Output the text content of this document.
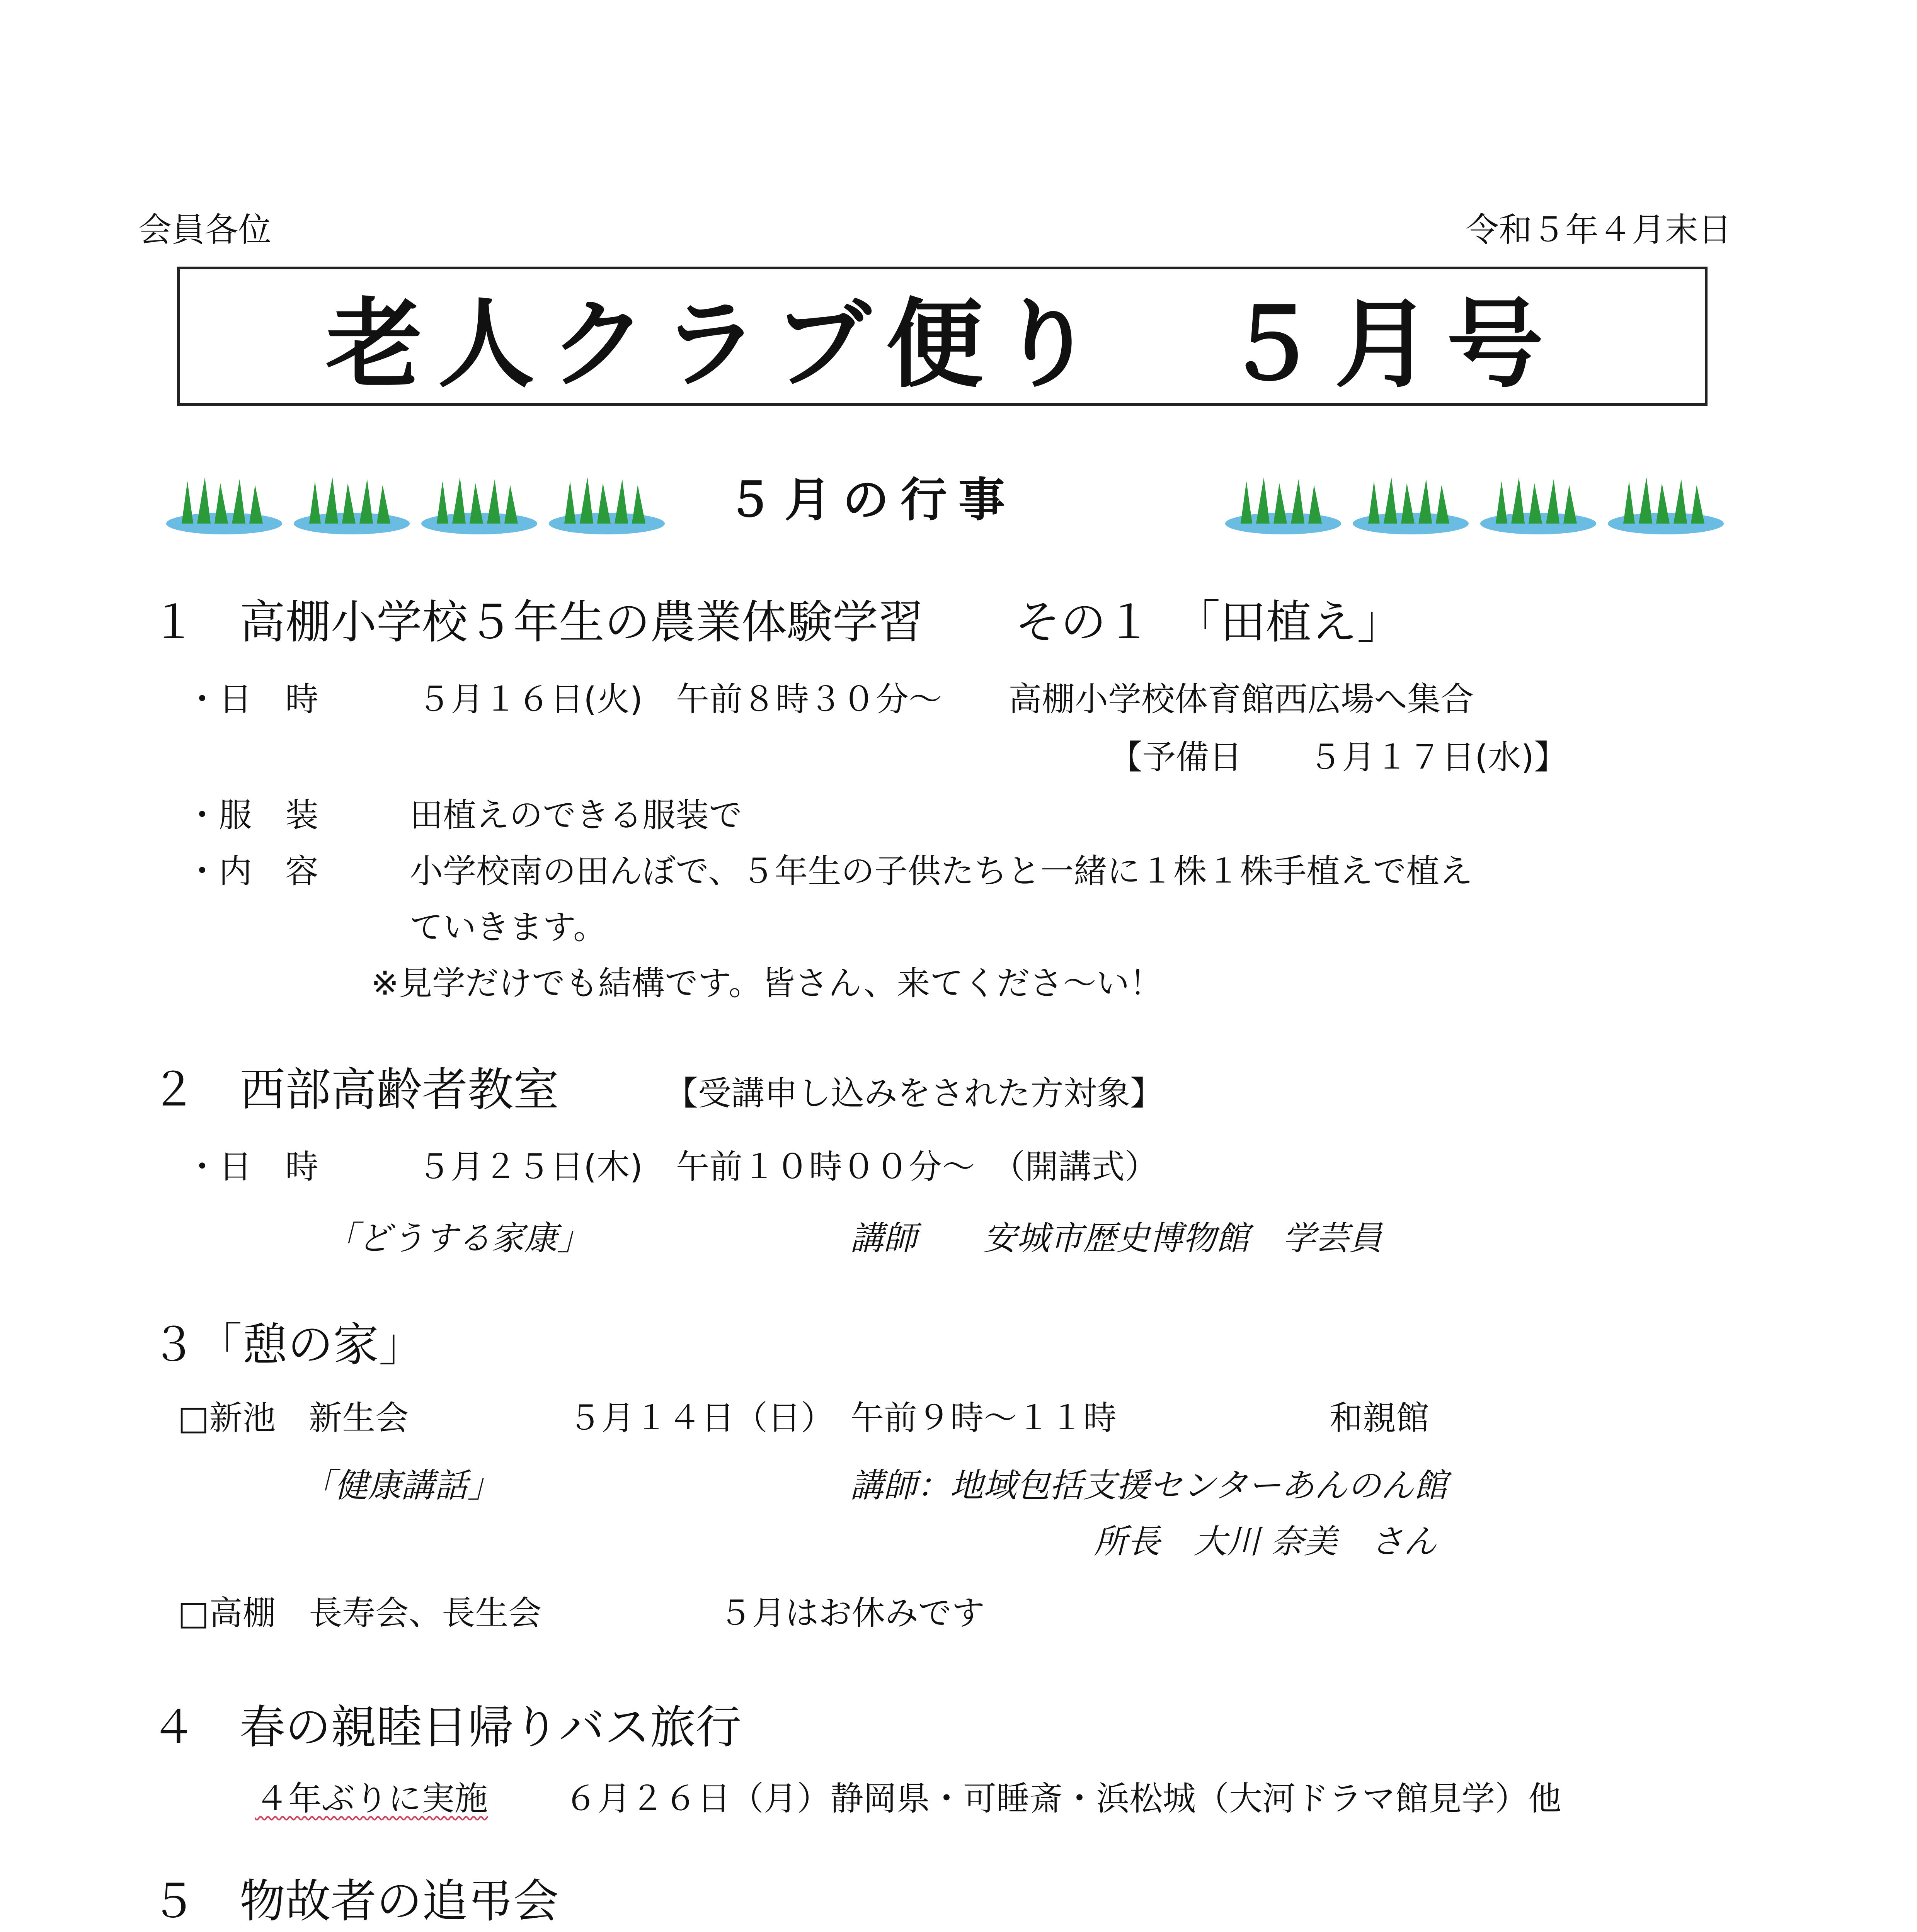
会員各位	令和５年４月末日
老人クラブ便り　５月号
５月の行事
１ 高棚小学校５年生の農業体験学習　　その１　「田植え」
・日　時	５月１６日(火)　午前８時３０分～　　高棚小学校体育館西広場へ集合
【予備日　　５月１７日(水)】
・服　装	田植えのできる服装で
・内　容	小学校南の田んぼで、５年生の子供たちと一緒に１株１株手植えで植え
ていきます。
※見学だけでも結構です。皆さん、来てくださ～い！
２ 西部高齢者教室	【受講申し込みをされた方対象】
・日　時	５月２５日(木)　午前１０時００分～　（開講式）
「どうする家康」	講師　　安城市歴史博物館　学芸員
３「憩の家」
□新池　新生会	５月１４日（日）　午前９時～１１時	和親館
「健康講話」	講師：地域包括支援センターあんのん館
所長　大川 奈美　さん
□高棚　長寿会、長生会	５月はお休みです
４ 春の親睦日帰りバス旅行
４年ぶりに実施 ６月２６日（月）静岡県・可睡斎・浜松城（大河ドラマ館見学）他
５ 物故者の追弔会
